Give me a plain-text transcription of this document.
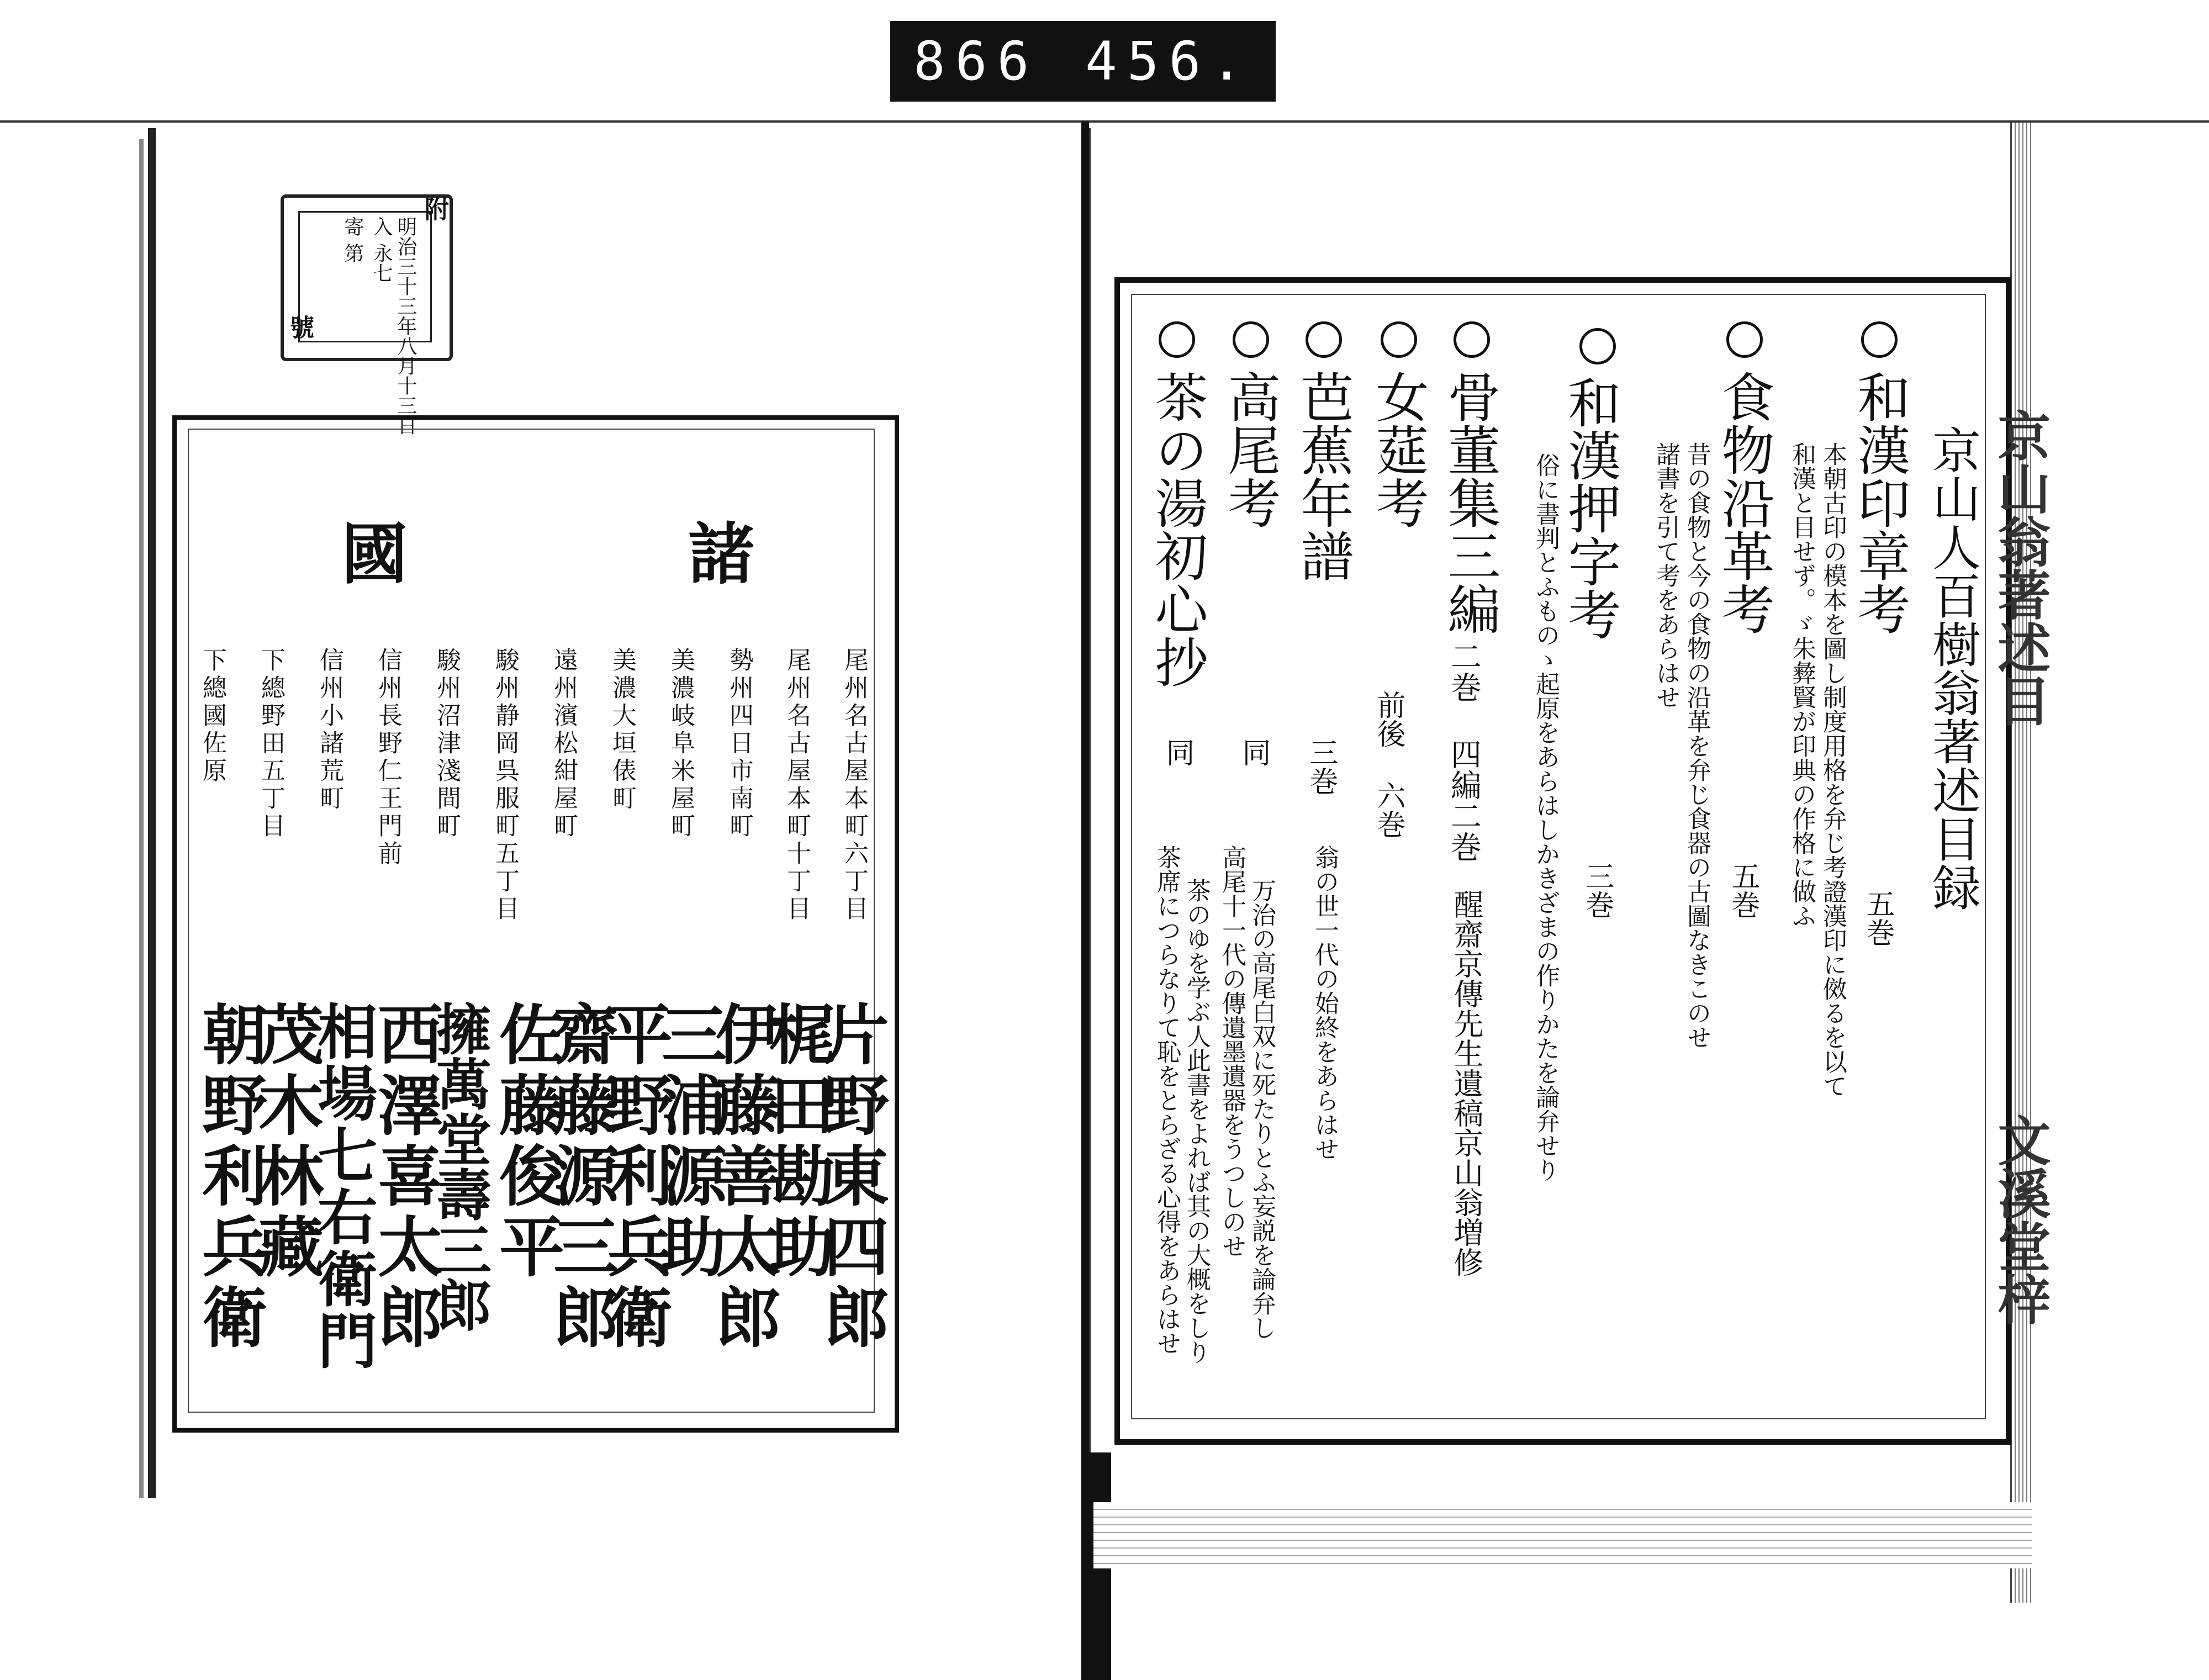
866 456.
附
明治三十三年八月十三日
入
永七
寄
第
號
諸
國
尾州名古屋本町六丁目
尾州名古屋本町十丁目
勢州四日市南町
美濃岐阜米屋町
美濃大垣俵町
遠州濱松紺屋町
駿州静岡呉服町五丁目
駿州沼津淺間町
信州長野仁王門前
信州小諸荒町
下總野田五丁目
下總國佐原
片野東四郎
梶田勘助
伊藤善太郎
三浦源助
平野利兵衛
齋藤源三郎
佐藤俊平
擁萬堂壽三郎
西澤喜太郎
相場七右衛門
茂木林藏
朝野利兵衛
京山人百樹翁著述目録
和漢印章考
五巻
本朝古印の模本を圖し制度用格を弁じ考證漢印に傚るを以て
和漢と目せず。ゞ朱彜賢が印典の作格に做ふ
食物沿革考
五巻
昔の食物と今の食物の沿革を弁じ食器の古圖なきこのせ
諸書を引て考をあらはせ
和漢押字考
三巻
俗に書判とふものゝ起原をあらはしかきざまの作りかたを論弁せり
骨董集三編
二巻 四編二巻
醒齋京傳先生遺稿京山翁増修
女莚考
前後 六巻
芭蕉年譜
三巻
翁の世一代の始終をあらはせ
高尾考
同
万治の高尾白双に死たりとふ妄説を論弁し
高尾十一代の傳遺墨遺器をうつしのせ
茶の湯初心抄
同
茶のゆを学ぶ人此書をよれば其の大概をしり
茶席につらなりて恥をとらざる心得をあらはせ
京山翁著述目
文溪堂梓
